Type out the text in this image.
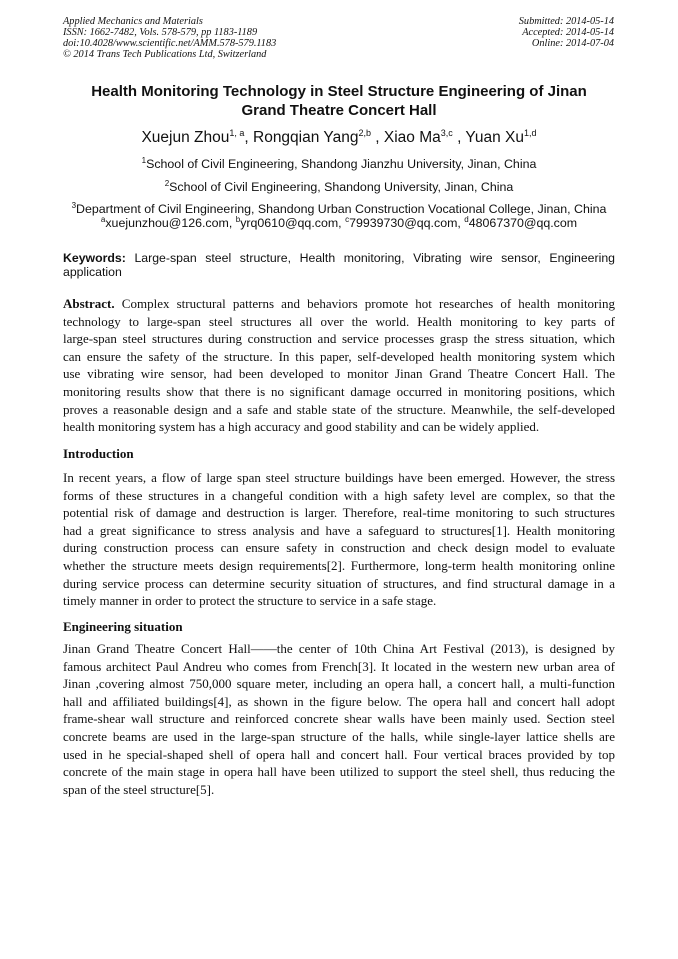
Applied Mechanics and Materials
ISSN: 1662-7482, Vols. 578-579, pp 1183-1189
doi:10.4028/www.scientific.net/AMM.578-579.1183
© 2014 Trans Tech Publications Ltd, Switzerland
Submitted: 2014-05-14
Accepted: 2014-05-14
Online: 2014-07-04
Health Monitoring Technology in Steel Structure Engineering of Jinan
Grand Theatre Concert Hall
Xuejun Zhou$^{1, a}$, Rongqian Yang$^{2,b}$ , Xiao Ma$^{3,c}$ , Yuan Xu$^{1,d}$
$^1$School of Civil Engineering, Shandong Jianzhu University, Jinan, China
$^2$School of Civil Engineering, Shandong University, Jinan, China
$^3$Department of Civil Engineering, Shandong Urban Construction Vocational College, Jinan, China
$^a$xuejunzhou@126.com, $^b$yrq0610@qq.com, $^c$79939730@qq.com, $^d$48067370@qq.com
Keywords: Large-span steel structure, Health monitoring, Vibrating wire sensor, Engineering application
Abstract. Complex structural patterns and behaviors promote hot researches of health monitoring
technology to large-span steel structures all over the world. Health monitoring to key parts of
large-span steel structures during construction and service processes grasp the stress situation, which
can ensure the safety of the structure. In this paper, self-developed health monitoring system which
use vibrating wire sensor, had been developed to monitor Jinan Grand Theatre Concert Hall. The
monitoring results show that there is no significant damage occurred in monitoring positions, which
proves a reasonable design and a safe and stable state of the structure. Meanwhile, the self-developed
health monitoring system has a high accuracy and good stability and can be widely applied.
Introduction
In recent years, a flow of large span steel structure buildings have been emerged. However, the stress
forms of these structures in a changeful condition with a high safety level are complex, so that the
potential risk of damage and destruction is larger. Therefore, real-time monitoring to such structures
had a great significance to stress analysis and have a safeguard to structures[1]. Health monitoring
during construction process can ensure safety in construction and check design model to evaluate
whether the structure meets design requirements[2]. Furthermore, long-term health monitoring online
during service process can determine security situation of structures, and find structural damage in a
timely manner in order to protect the structure to service in a safe stage.
Engineering situation
Jinan Grand Theatre Concert Hall——the center of 10th China Art Festival (2013), is designed by
famous architect Paul Andreu who comes from French[3]. It located in the western new urban area of
Jinan ,covering almost 750,000 square meter, including an opera hall, a concert hall, a multi-function
hall and affiliated buildings[4], as shown in the figure below. The opera hall and concert hall adopt
frame-shear wall structure and reinforced concrete shear walls have been mainly used. Section steel
concrete beams are used in the large-span structure of the halls, while single-layer lattice shells are
used in he special-shaped shell of opera hall and concert hall. Four vertical braces provided by top
concrete of the main stage in opera hall have been utilized to support the steel shell, thus reducing the
span of the steel structure[5].
